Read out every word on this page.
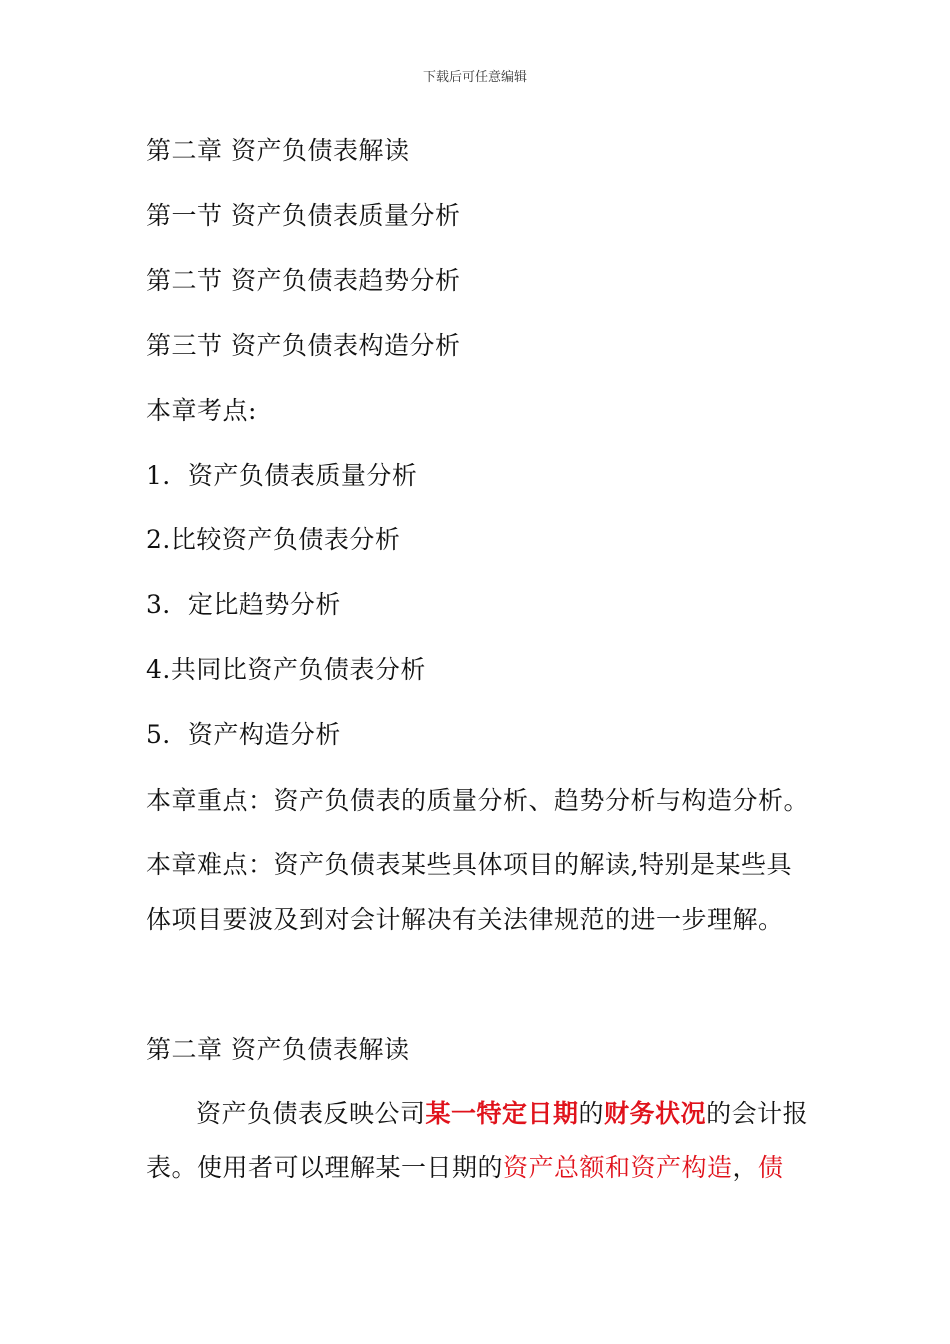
下载后可任意编辑
第二章 资产负债表解读
第一节 资产负债表质量分析
第二节 资产负债表趋势分析
第三节 资产负债表构造分析
本章考点:
1．资产负债表质量分析
2.比较资产负债表分析
3．定比趋势分析
4.共同比资产负债表分析
5．资产构造分析
本章重点：资产负债表的质量分析、趋势分析与构造分析。
本章难点：资产负债表某些具体项目的解读,特别是某些具
体项目要波及到对会计解决有关法律规范的进一步理解。
第二章 资产负债表解读
资产负债表反映公司某一特定日期的财务状况的会计报
表。使用者可以理解某一日期的资产总额和资产构造，债
